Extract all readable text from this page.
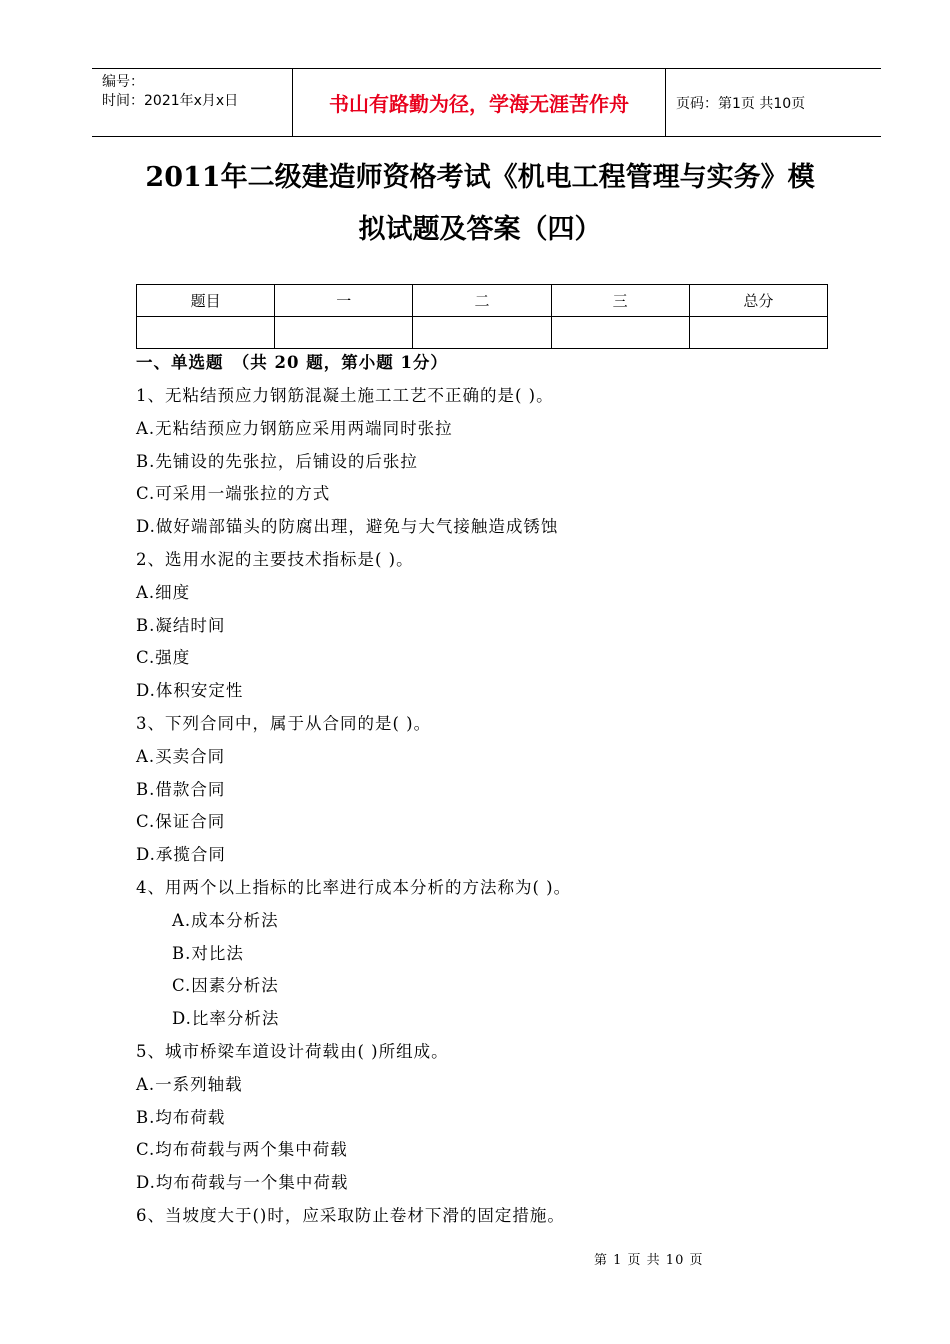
编号：
时间：2021年x月x日	书山有路勤为径，学海无涯苦作舟	页码：第1页 共10页
2011年二级建造师资格考试《机电工程管理与实务》模
拟试题及答案（四）
题目	一	二	三	总分

一、单选题　（共 20 题，第小题 1分）
1、无粘结预应力钢筋混凝土施工工艺不正确的是( )。
A.无粘结预应力钢筋应采用两端同时张拉
B.先铺设的先张拉，后铺设的后张拉
C.可采用一端张拉的方式
D.做好端部锚头的防腐出理，避免与大气接触造成锈蚀
2、选用水泥的主要技术指标是( )。
A.细度
B.凝结时间
C.强度
D.体积安定性
3、下列合同中，属于从合同的是( )。
A.买卖合同
B.借款合同
C.保证合同
D.承揽合同
4、用两个以上指标的比率进行成本分析的方法称为( )。
A.成本分析法
B.对比法
C.因素分析法
D.比率分析法
5、城市桥梁车道设计荷载由( )所组成。
A.一系列轴载
B.均布荷载
C.均布荷载与两个集中荷载
D.均布荷载与一个集中荷载
6、当坡度大于()时，应采取防止卷材下滑的固定措施。
第 1 页 共 10 页
